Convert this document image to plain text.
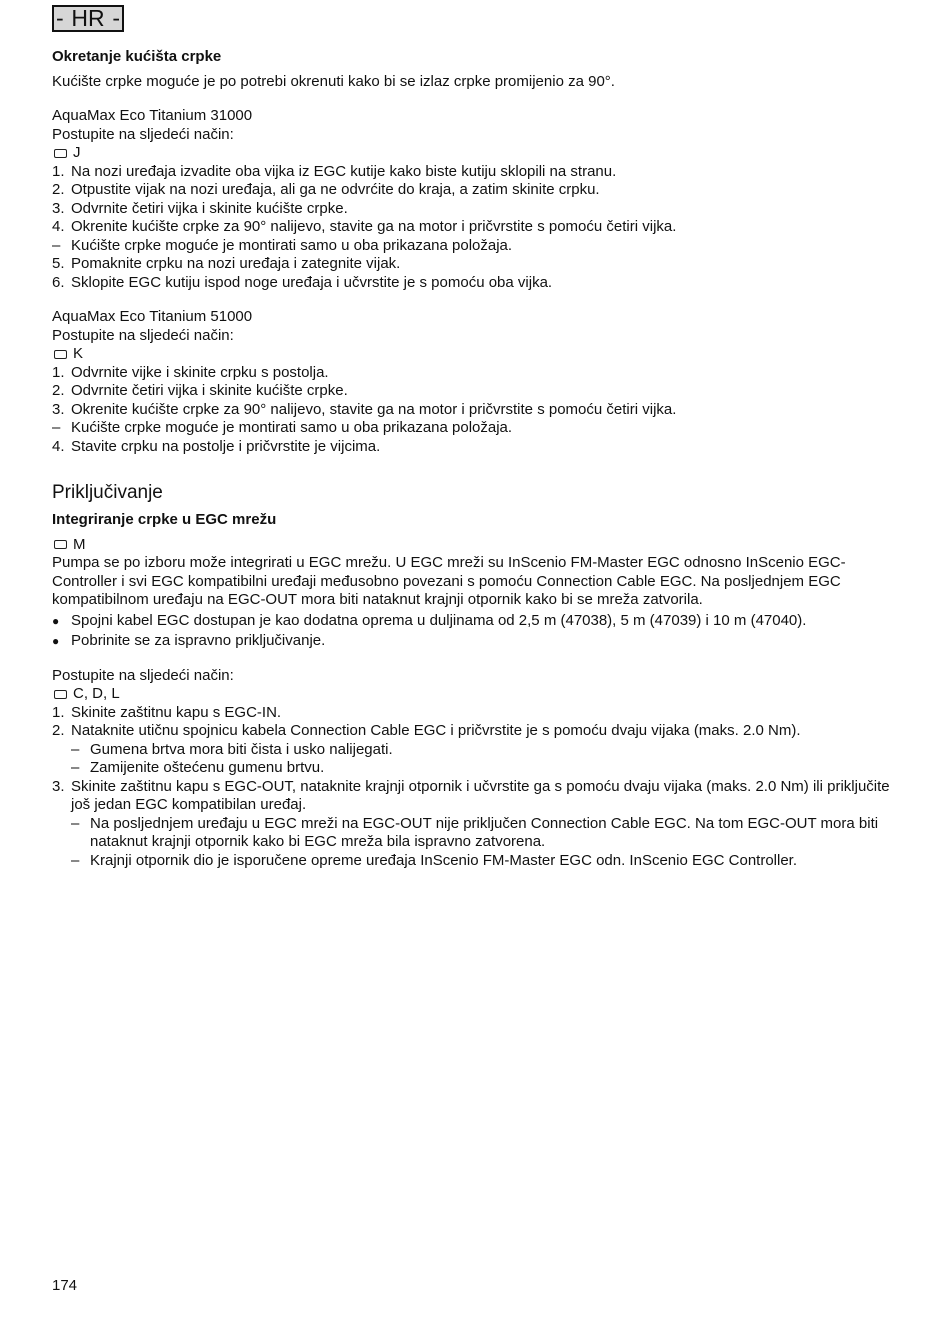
- HR -

Okretanje kućišta crpke

Kućište crpke moguće je po potrebi okrenuti kako bi se izlaz crpke promijenio za 90°.

AquaMax Eco Titanium 31000

Postupite na sljedeći način:

J
1. Na nozi uređaja izvadite oba vijka iz EGC kutije kako biste kutiju sklopili na stranu.
2. Otpustite vijak na nozi uređaja, ali ga ne odvrćite do kraja, a zatim skinite crpku.
3. Odvrnite četiri vijka i skinite kućište crpke.
4. Okrenite kućište crpke za 90° nalijevo, stavite ga na motor i pričvrstite s pomoću četiri vijka.
– Kućište crpke moguće je montirati samo u oba prikazana položaja.
5. Pomaknite crpku na nozi uređaja i zategnite vijak.
6. Sklopite EGC kutiju ispod noge uređaja i učvrstite je s pomoću oba vijka.

AquaMax Eco Titanium 51000

Postupite na sljedeći način:

K
1. Odvrnite vijke i skinite crpku s postolja.
2. Odvrnite četiri vijka i skinite kućište crpke.
3. Okrenite kućište crpke za 90° nalijevo, stavite ga na motor i pričvrstite s pomoću četiri vijka.
– Kućište crpke moguće je montirati samo u oba prikazana položaja.
4. Stavite crpku na postolje i pričvrstite je vijcima.

Priključivanje

Integriranje crpke u EGC mrežu

M

Pumpa se po izboru može integrirati u EGC mrežu. U EGC mreži su InScenio FM-Master EGC odnosno InScenio EGC-Controller i svi EGC kompatibilni uređaji međusobno povezani s pomoću Connection Cable EGC. Na posljednjem EGC kompatibilnom uređaju na EGC-OUT mora biti nataknut krajnji otpornik kako bi se mreža zatvorila.

● Spojni kabel EGC dostupan je kao dodatna oprema u duljinama od 2,5 m (47038), 5 m (47039) i 10 m (47040).
● Pobrinite se za ispravno priključivanje.

Postupite na sljedeći način:

C, D, L
1. Skinite zaštitnu kapu s EGC-IN.
2. Nataknite utičnu spojnicu kabela Connection Cable EGC i pričvrstite je s pomoću dvaju vijaka (maks. 2.0 Nm).
– Gumena brtva mora biti čista i usko nalijegati.
– Zamijenite oštećenu gumenu brtvu.
3. Skinite zaštitnu kapu s EGC-OUT, nataknite krajnji otpornik i učvrstite ga s pomoću dvaju vijaka (maks. 2.0 Nm) ili priključite još jedan EGC kompatibilan uređaj.
– Na posljednjem uređaju u EGC mreži na EGC-OUT nije priključen Connection Cable EGC. Na tom EGC-OUT mora biti nataknut krajnji otpornik kako bi EGC mreža bila ispravno zatvorena.
– Krajnji otpornik dio je isporučene opreme uređaja InScenio FM-Master EGC odn. InScenio EGC Controller.
174
